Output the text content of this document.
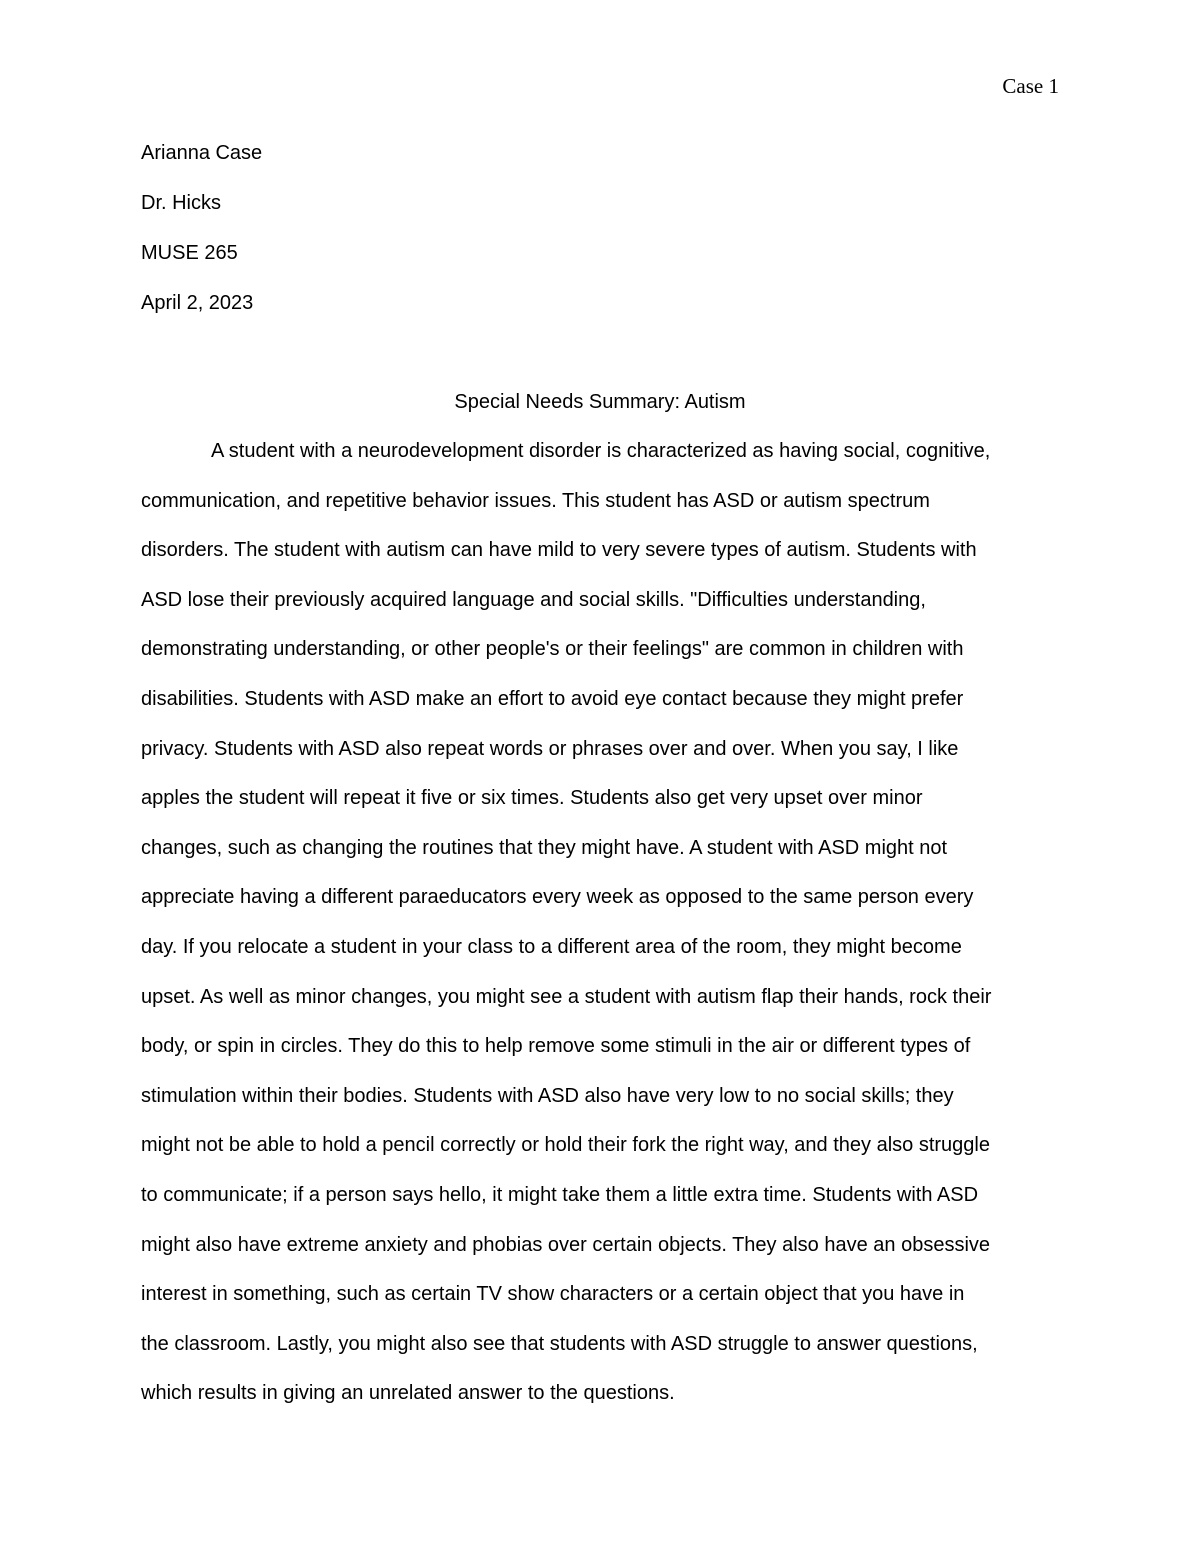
Case 1
Arianna Case
Dr. Hicks
MUSE 265
April 2, 2023
Special Needs Summary: Autism
A student with a neurodevelopment disorder is characterized as having social, cognitive,
communication, and repetitive behavior issues. This student has ASD or autism spectrum
disorders. The student with autism can have mild to very severe types of autism. Students with
ASD lose their previously acquired language and social skills. "Difficulties understanding,
demonstrating understanding, or other people's or their feelings" are common in children with
disabilities. Students with ASD make an effort to avoid eye contact because they might prefer
privacy. Students with ASD also repeat words or phrases over and over. When you say, I like
apples the student will repeat it five or six times. Students also get very upset over minor
changes, such as changing the routines that they might have. A student with ASD might not
appreciate having a different paraeducators every week as opposed to the same person every
day. If you relocate a student in your class to a different area of the room, they might become
upset. As well as minor changes, you might see a student with autism flap their hands, rock their
body, or spin in circles. They do this to help remove some stimuli in the air or different types of
stimulation within their bodies. Students with ASD also have very low to no social skills; they
might not be able to hold a pencil correctly or hold their fork the right way, and they also struggle
to communicate; if a person says hello, it might take them a little extra time. Students with ASD
might also have extreme anxiety and phobias over certain objects. They also have an obsessive
interest in something, such as certain TV show characters or a certain object that you have in
the classroom. Lastly, you might also see that students with ASD struggle to answer questions,
which results in giving an unrelated answer to the questions.
